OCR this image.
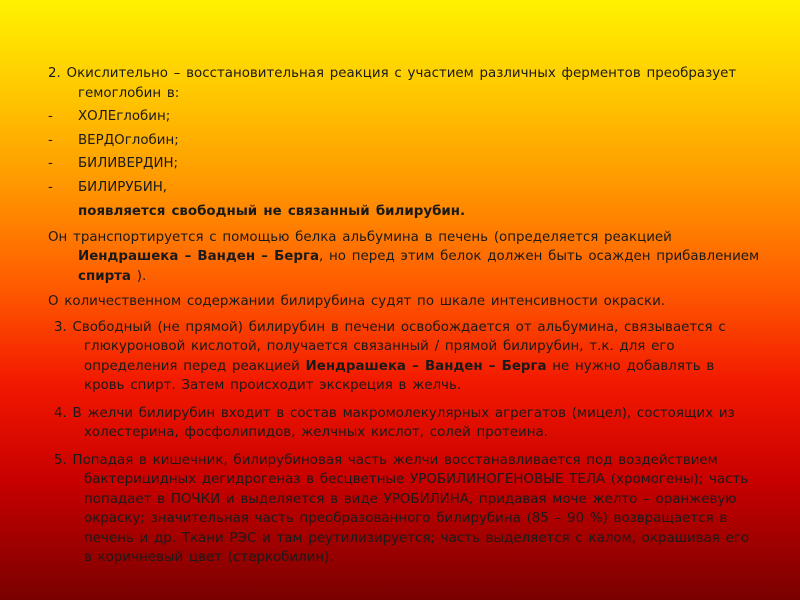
2. Окислительно – восстановительная реакция с участием различных ферментов преобразует гемоглобин в:

-	ХОЛЕглобин;
-	ВЕРДОглобин;
-	БИЛИВЕРДИН;
-	БИЛИРУБИН,

появляется свободный не связанный билирубин.

Он транспортируется с помощью белка альбумина в печень (определяется реакцией Иендрашека – Ванден – Берга, но перед этим белок должен быть осажден прибавлением спирта ).

О количественном содержании билирубина судят по шкале интенсивности окраски.

3. Свободный (не прямой) билирубин в печени освобождается от альбумина, связывается с глюкуроновой кислотой, получается связанный / прямой билирубин, т.к. для его определения перед реакцией Иендрашека – Ванден – Берга не нужно добавлять в кровь спирт. Затем происходит экскреция в желчь.

4. В желчи билирубин входит в состав макромолекулярных агрегатов (мицел), состоящих из холестерина, фосфолипидов, желчных кислот, солей протеина.

5. Попадая в кишечник, билирубиновая часть желчи восстанавливается под воздействием бактерицидных дегидрогеназ в бесцветные УРОБИЛИНОГЕНОВЫЕ ТЕЛА (хромогены); часть попадает в ПОЧКИ и выделяется в виде УРОБИЛИНА, придавая моче желто – оранжевую окраску; значительная часть преобразованного билирубина (85 – 90 %) возвращается в печень и др. Ткани РЭС и там реутилизируется; часть выделяется с калом, окрашивая его в коричневый цвет (стеркобилин).
